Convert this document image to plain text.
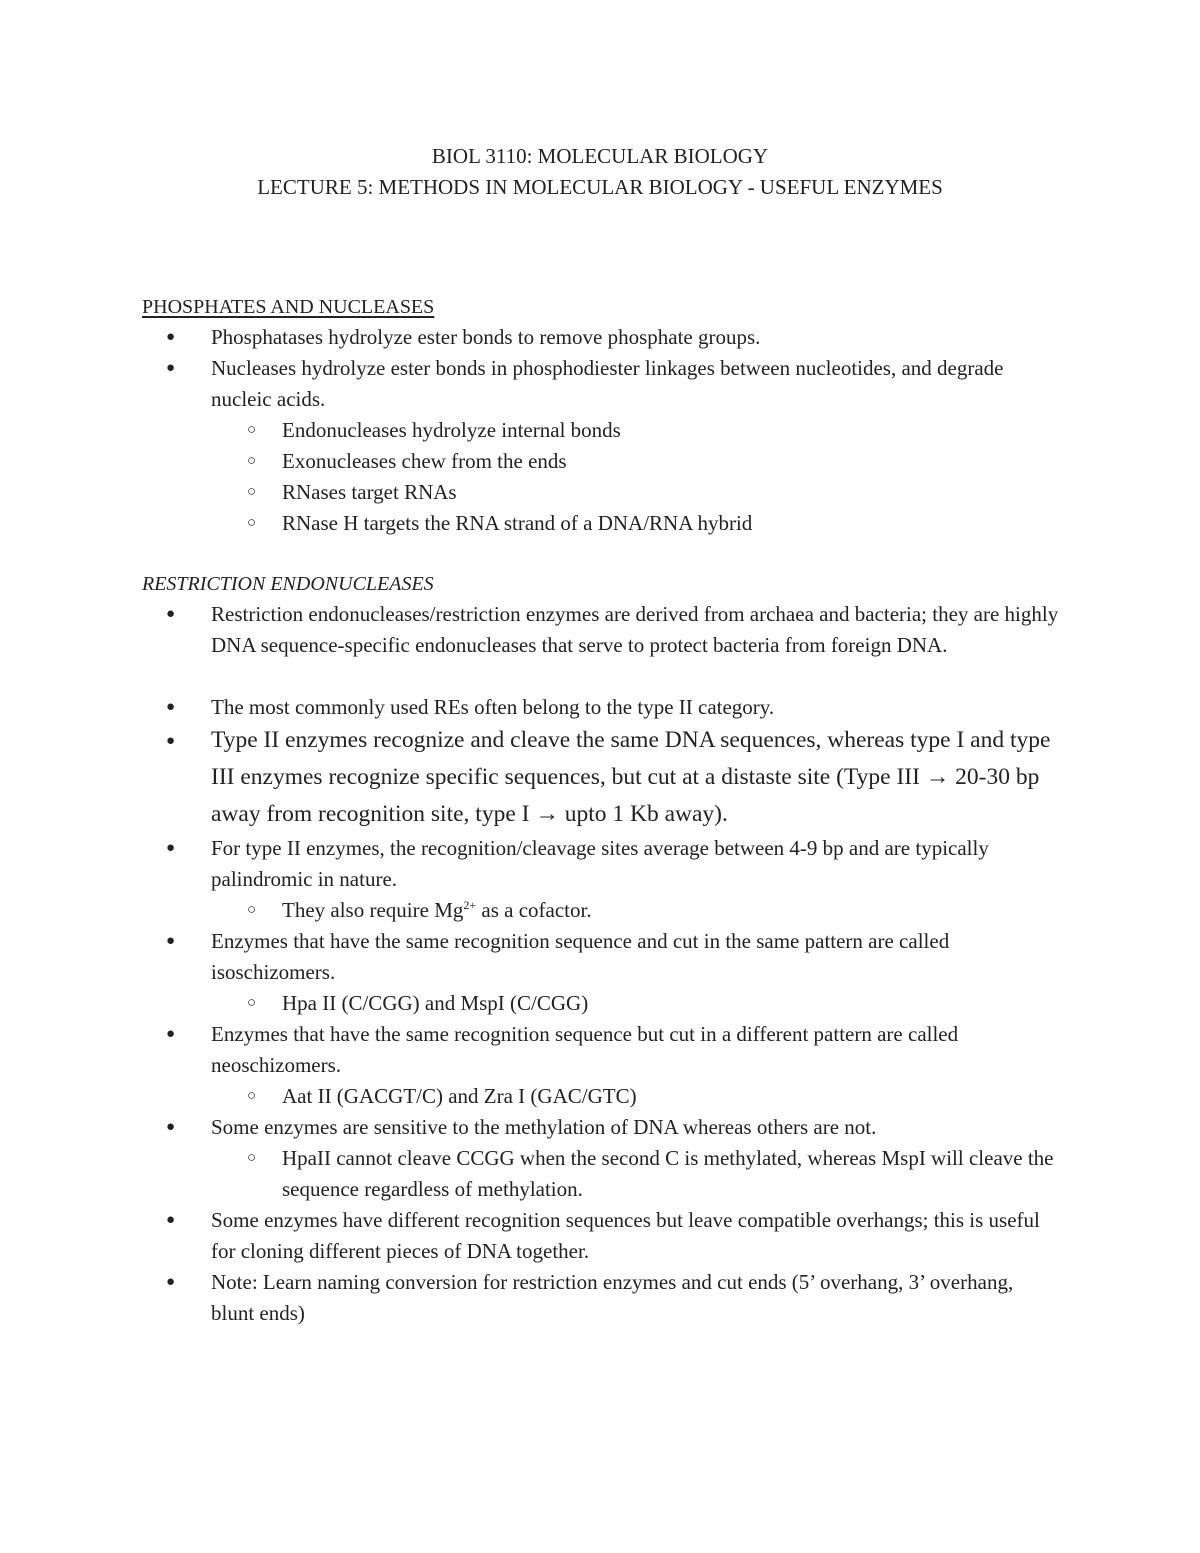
BIOL 3110: MOLECULAR BIOLOGY
LECTURE 5: METHODS IN MOLECULAR BIOLOGY - USEFUL ENZYMES
PHOSPHATES AND NUCLEASES
● Phosphatases hydrolyze ester bonds to remove phosphate groups.
● Nucleases hydrolyze ester bonds in phosphodiester linkages between nucleotides, and degrade nucleic acids.
○ Endonucleases hydrolyze internal bonds
○ Exonucleases chew from the ends
○ RNases target RNAs
○ RNase H targets the RNA strand of a DNA/RNA hybrid
RESTRICTION ENDONUCLEASES
● Restriction endonucleases/restriction enzymes are derived from archaea and bacteria; they are highly DNA sequence-specific endonucleases that serve to protect bacteria from foreign DNA.
● The most commonly used REs often belong to the type II category.
● Type II enzymes recognize and cleave the same DNA sequences, whereas type I and type III enzymes recognize specific sequences, but cut at a distaste site (Type III → 20-30 bp away from recognition site, type I → upto 1 Kb away).
● For type II enzymes, the recognition/cleavage sites average between 4-9 bp and are typically palindromic in nature.
○ They also require $Mg^{2+}$ as a cofactor.
● Enzymes that have the same recognition sequence and cut in the same pattern are called isoschizomers.
○ Hpa II (C/CGG) and MspI (C/CGG)
● Enzymes that have the same recognition sequence but cut in a different pattern are called neoschizomers.
○ Aat II (GACGT/C) and Zra I (GAC/GTC)
● Some enzymes are sensitive to the methylation of DNA whereas others are not.
○ HpaII cannot cleave CCGG when the second C is methylated, whereas MspI will cleave the sequence regardless of methylation.
● Some enzymes have different recognition sequences but leave compatible overhangs; this is useful for cloning different pieces of DNA together.
● Note: Learn naming conversion for restriction enzymes and cut ends (5’ overhang, 3’ overhang, blunt ends)
